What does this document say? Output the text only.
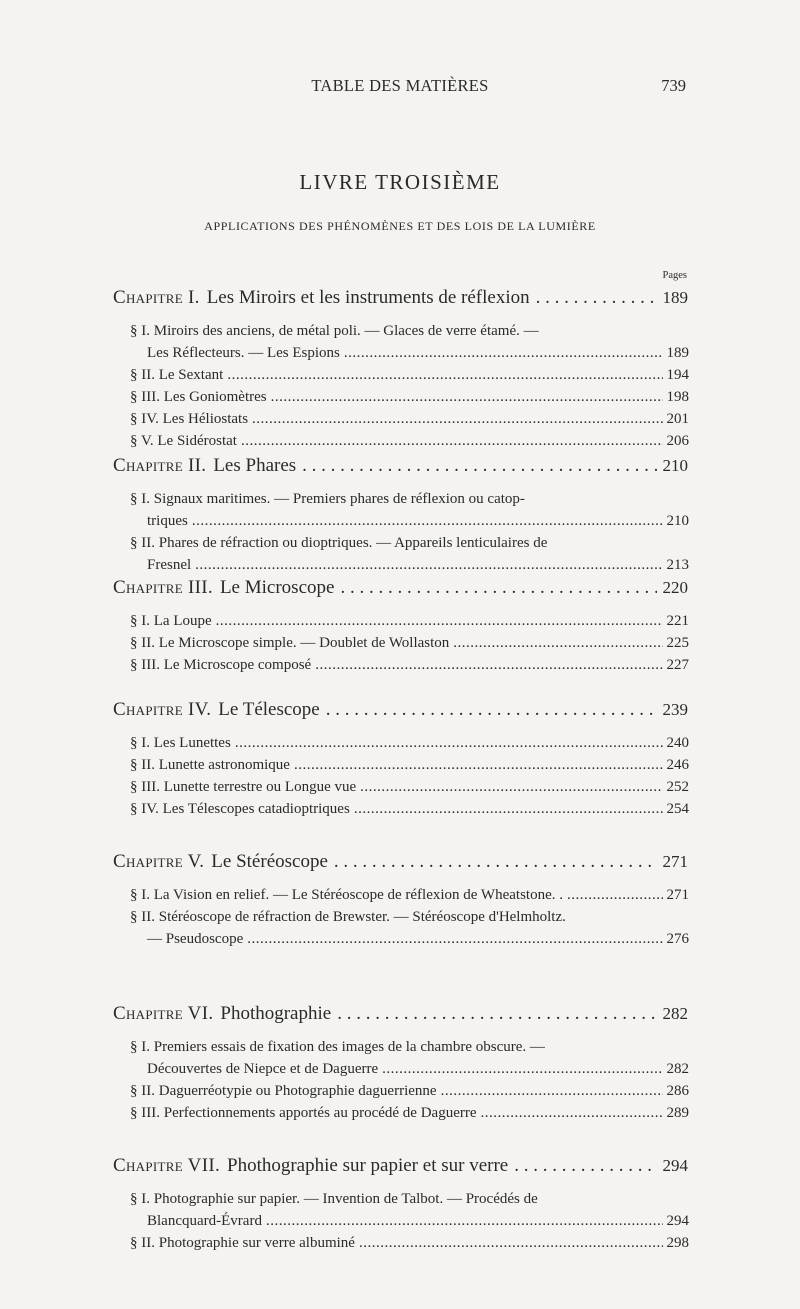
TABLE DES MATIÈRES	739
LIVRE TROISIÈME
APPLICATIONS DES PHÉNOMÈNES ET DES LOIS DE LA LUMIÈRE
Pages
Chapitre I. Les Miroirs et les instruments de réflexion . . .	189
§ I. Miroirs des anciens, de métal poli. — Glaces de verre étamé. —
Les Réflecteurs. — Les Espions .....	189
§ II. Le Sextant .....	194
§ III. Les Goniomètres .....	198
§ IV. Les Héliostats .....	201
§ V. Le Sidérostat .....	206
Chapitre II. Les Phares . . .	210
§ I. Signaux maritimes. — Premiers phares de réflexion ou catop-
triques .....	210
§ II. Phares de réfraction ou dioptriques. — Appareils lenticulaires de
Fresnel .....	213
Chapitre III. Le Microscope . . .	220
§ I. La Loupe .....	221
§ II. Le Microscope simple. — Doublet de Wollaston .....	225
§ III. Le Microscope composé .....	227
Chapitre IV. Le Télescope . . .	239
§ I. Les Lunettes .....	240
§ II. Lunette astronomique .....	246
§ III. Lunette terrestre ou Longue vue .....	252
§ IV. Les Télescopes catadioptriques .....	254
Chapitre V. Le Stéréoscope . . .	271
§ I. La Vision en relief. — Le Stéréoscope de réflexion de Wheatstone. . .....	271
§ II. Stéréoscope de réfraction de Brewster. — Stéréoscope d'Helmholtz.
— Pseudoscope .....	276
Chapitre VI. Phothographie . . .	282
§ I. Premiers essais de fixation des images de la chambre obscure. —
Découvertes de Niepce et de Daguerre .....	282
§ II. Daguerréotypie ou Photographie daguerrienne .....	286
§ III. Perfectionnements apportés au procédé de Daguerre .....	289
Chapitre VII. Phothographie sur papier et sur verre . . .	294
§ I. Photographie sur papier. — Invention de Talbot. — Procédés de
Blancquard-Évrard .....	294
§ II. Photographie sur verre albuminé .....	298
